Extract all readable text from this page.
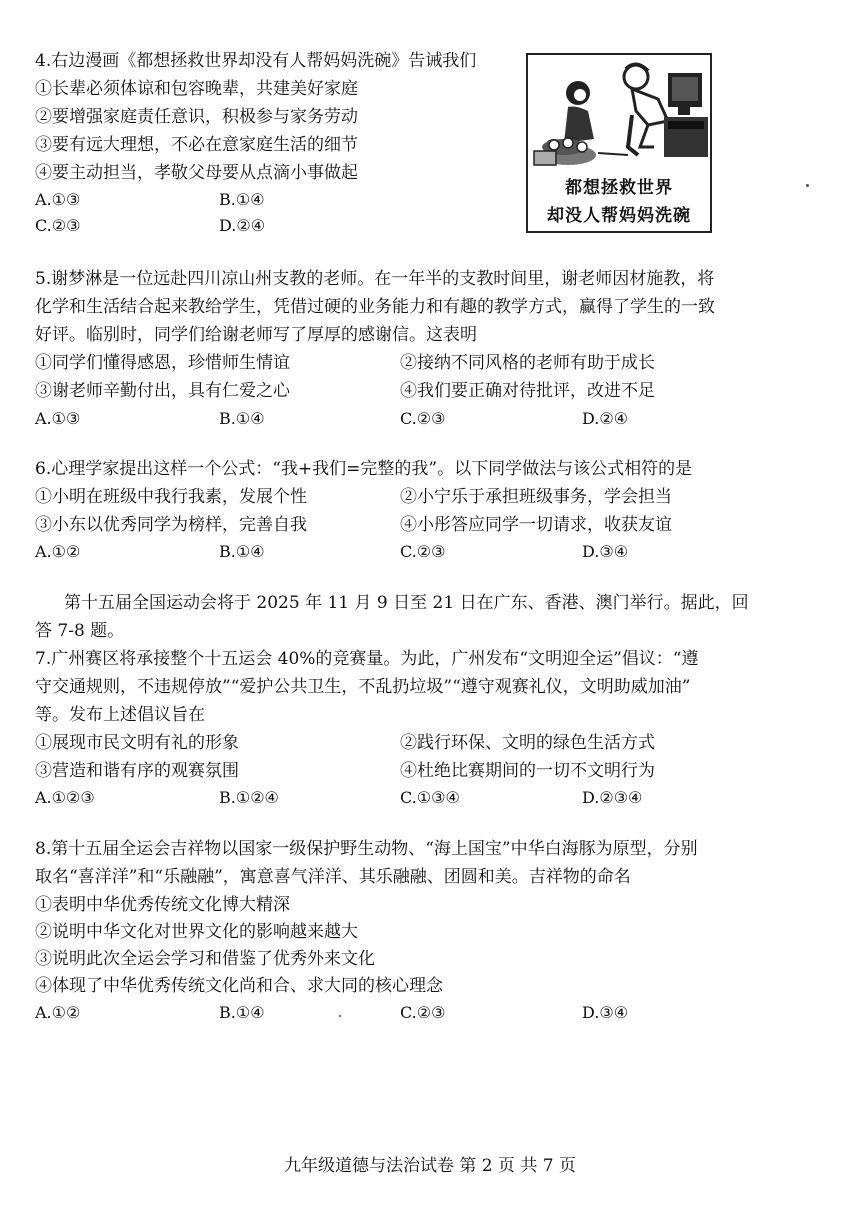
4.右边漫画《都想拯救世界却没有人帮妈妈洗碗》告诫我们
①长辈必须体谅和包容晚辈，共建美好家庭
②要增强家庭责任意识，积极参与家务劳动
③要有远大理想，不必在意家庭生活的细节
④要主动担当，孝敬父母要从点滴小事做起
A.①③	B.①④
C.②③	D.②④
都想拯救世界
却没人帮妈妈洗碗
5.谢梦淋是一位远赴四川凉山州支教的老师。在一年半的支教时间里，谢老师因材施教，将
化学和生活结合起来教给学生，凭借过硬的业务能力和有趣的教学方式，赢得了学生的一致
好评。临别时，同学们给谢老师写了厚厚的感谢信。这表明
①同学们懂得感恩，珍惜师生情谊	②接纳不同风格的老师有助于成长
③谢老师辛勤付出，具有仁爱之心	④我们要正确对待批评，改进不足
A.①③	B.①④	C.②③	D.②④
6.心理学家提出这样一个公式：“我+我们=完整的我”。以下同学做法与该公式相符的是
①小明在班级中我行我素，发展个性	②小宁乐于承担班级事务，学会担当
③小东以优秀同学为榜样，完善自我	④小彤答应同学一切请求，收获友谊
A.①②	B.①④	C.②③	D.③④
第十五届全国运动会将于 2025 年 11 月 9 日至 21 日在广东、香港、澳门举行。据此，回
答 7-8 题。
7.广州赛区将承接整个十五运会 40%的竞赛量。为此，广州发布“文明迎全运”倡议：“遵
守交通规则，不违规停放”“爱护公共卫生，不乱扔垃圾”“遵守观赛礼仪，文明助威加油”
等。发布上述倡议旨在
①展现市民文明有礼的形象	②践行环保、文明的绿色生活方式
③营造和谐有序的观赛氛围	④杜绝比赛期间的一切不文明行为
A.①②③	B.①②④	C.①③④	D.②③④
8.第十五届全运会吉祥物以国家一级保护野生动物、“海上国宝”中华白海豚为原型，分别
取名“喜洋洋”和“乐融融”，寓意喜气洋洋、其乐融融、团圆和美。吉祥物的命名
①表明中华优秀传统文化博大精深
②说明中华文化对世界文化的影响越来越大
③说明此次全运会学习和借鉴了优秀外来文化
④体现了中华优秀传统文化尚和合、求大同的核心理念
A.①②	B.①④	C.②③	D.③④
九年级道德与法治试卷 第 2 页 共 7 页
